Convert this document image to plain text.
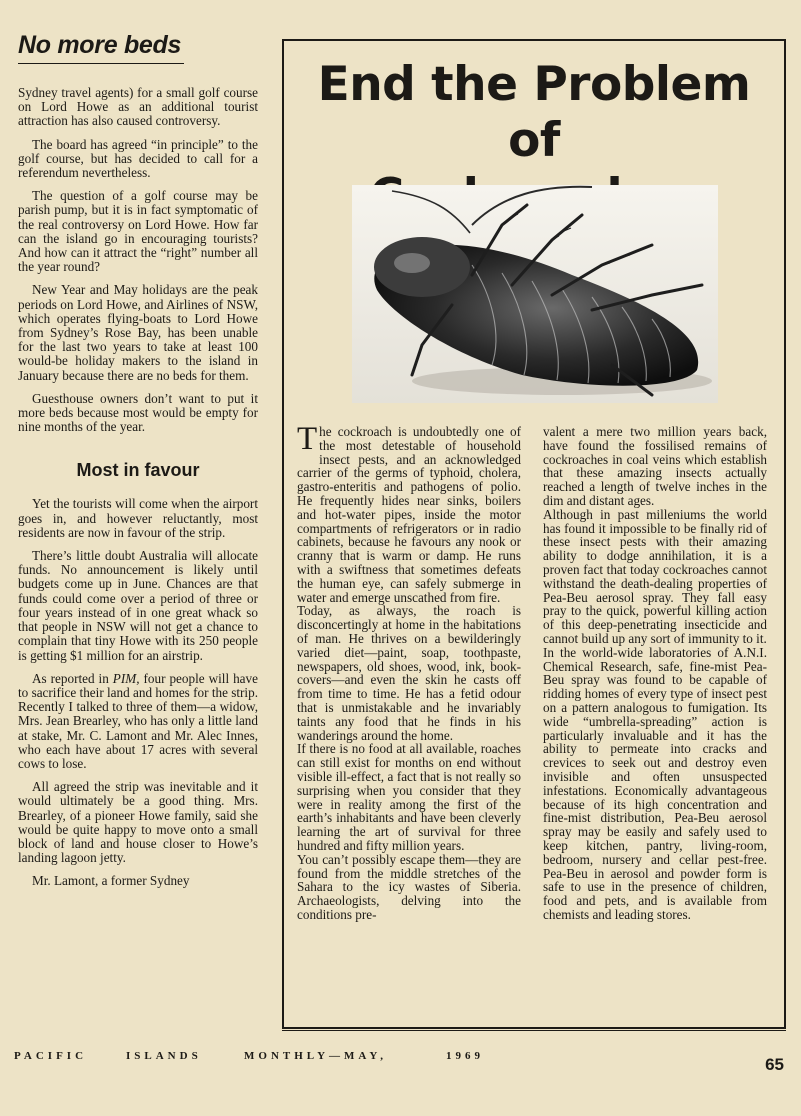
No more beds

Sydney travel agents) for a small golf course on Lord Howe as an additional tourist attraction has also caused controversy.

The board has agreed “in principle” to the golf course, but has decided to call for a referendum nevertheless.

The question of a golf course may be parish pump, but it is in fact symptomatic of the real controversy on Lord Howe. How far can the island go in encouraging tourists? And how can it attract the “right” number all the year round?

New Year and May holidays are the peak periods on Lord Howe, and Airlines of NSW, which operates flying-boats to Lord Howe from Sydney’s Rose Bay, has been unable for the last two years to take at least 100 would-be holiday makers to the island in January because there are no beds for them.

Guesthouse owners don’t want to put it more beds because most would be empty for nine months of the year.

Most in favour

Yet the tourists will come when the airport goes in, and however reluctantly, most residents are now in favour of the strip.

There’s little doubt Australia will allocate funds. No announcement is likely until budgets come up in June. Chances are that funds could come over a period of three or four years instead of in one great whack so that people in NSW will not get a chance to complain that tiny Howe with its 250 people is getting $1 million for an airstrip.

As reported in PIM, four people will have to sacrifice their land and homes for the strip. Recently I talked to three of them—a widow, Mrs. Jean Brearley, who has only a little land at stake, Mr. C. Lamont and Mr. Alec Innes, who each have about 17 acres with several cows to lose.

All agreed the strip was inevitable and it would ultimately be a good thing. Mrs. Brearley, of a pioneer Howe family, said she would be quite happy to move onto a small block of land and house closer to Howe’s landing lagoon jetty.

Mr. Lamont, a former Sydney

End the Problem of

The cockroach is undoubtedly one of the most detestable of household insect pests, and an acknowledged carrier of the germs of typhoid, cholera, gastro-enteritis and pathogens of polio. He frequently hides near sinks, boilers and hot-water pipes, inside the motor compartments of refrigerators or in radio cabinets, because he favours any nook or cranny that is warm or damp. He runs with a swiftness that sometimes defeats the human eye, can safely submerge in water and emerge unscathed from fire.

Today, as always, the roach is disconcertingly at home in the habitations of man. He thrives on a bewilderingly varied diet—paint, soap, toothpaste, newspapers, old shoes, wood, ink, book-covers—and even the skin he casts off from time to time. He has a fetid odour that is unmistakable and he invariably taints any food that he finds in his wanderings around the home.

If there is no food at all available, roaches can still exist for months on end without visible ill-effect, a fact that is not really so surprising when you consider that they were in reality among the first of the earth’s inhabitants and have been cleverly learning the art of survival for three hundred and fifty million years.

You can’t possibly escape them—they are found from the middle stretches of the Sahara to the icy wastes of Siberia. Archaeologists, delving into the conditions pre-

valent a mere two million years back, have found the fossilised remains of cockroaches in coal veins which establish that these amazing insects actually reached a length of twelve inches in the dim and distant ages.

Although in past milleniums the world has found it impossible to be finally rid of these insect pests with their amazing ability to dodge annihilation, it is a proven fact that today cockroaches cannot withstand the death-dealing properties of Pea-Beu aerosol spray. They fall easy pray to the quick, powerful killing action of this deep-penetrating insecticide and cannot build up any sort of immunity to it.

In the world-wide laboratories of A.N.I. Chemical Research, safe, fine-mist Pea-Beu spray was found to be capable of ridding homes of every type of insect pest on a pattern analogous to fumigation. Its wide “umbrella-spreading” action is particularly invaluable and it has the ability to permeate into cracks and crevices to seek out and destroy even invisible and often unsuspected infestations. Economically advantageous because of its high concentration and fine-mist distribution, Pea-Beu aerosol spray may be easily and safely used to keep kitchen, pantry, living-room, bedroom, nursery and cellar pest-free. Pea-Beu in aerosol and powder form is safe to use in the presence of children, food and pets, and is available from chemists and leading stores.

PACIFIC	ISLANDS	MONTHLY—MAY,	1969	65
